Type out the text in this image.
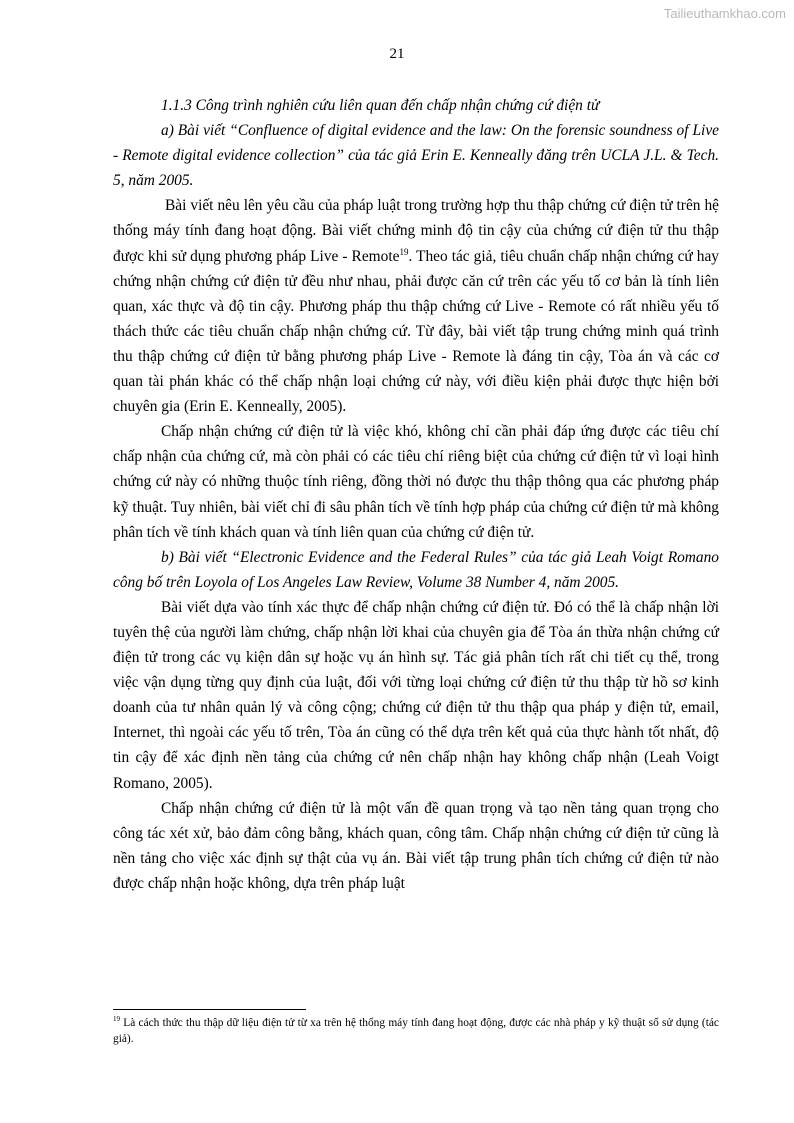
Tailieuthamkhao.com
21

1.1.3 Công trình nghiên cứu liên quan đến chấp nhận chứng cứ điện tử

a) Bài viết “Confluence of digital evidence and the law: On the forensic soundness of Live - Remote digital evidence collection” của tác giả Erin E. Kenneally đăng trên UCLA J.L. & Tech. 5, năm 2005.

Bài viết nêu lên yêu cầu của pháp luật trong trường hợp thu thập chứng cứ điện tử trên hệ thống máy tính đang hoạt động. Bài viết chứng minh độ tin cậy của chứng cứ điện tử thu thập được khi sử dụng phương pháp Live - Remote$^{19}$. Theo tác giả, tiêu chuẩn chấp nhận chứng cứ hay chứng nhận chứng cứ điện tử đều như nhau, phải được căn cứ trên các yếu tố cơ bản là tính liên quan, xác thực và độ tin cậy. Phương pháp thu thập chứng cứ Live - Remote có rất nhiều yếu tố thách thức các tiêu chuẩn chấp nhận chứng cứ. Từ đây, bài viết tập trung chứng minh quá trình thu thập chứng cứ điện tử bằng phương pháp Live - Remote là đáng tin cậy, Tòa án và các cơ quan tài phán khác có thể chấp nhận loại chứng cứ này, với điều kiện phải được thực hiện bởi chuyên gia (Erin E. Kenneally, 2005).

Chấp nhận chứng cứ điện tử là việc khó, không chỉ cần phải đáp ứng được các tiêu chí chấp nhận của chứng cứ, mà còn phải có các tiêu chí riêng biệt của chứng cứ điện tử vì loại hình chứng cứ này có những thuộc tính riêng, đồng thời nó được thu thập thông qua các phương pháp kỹ thuật. Tuy nhiên, bài viết chỉ đi sâu phân tích về tính hợp pháp của chứng cứ điện tử mà không phân tích về tính khách quan và tính liên quan của chứng cứ điện tử.

b) Bài viết “Electronic Evidence and the Federal Rules” của tác giả Leah Voigt Romano công bố trên Loyola of Los Angeles Law Review, Volume 38 Number 4, năm 2005.

Bài viết dựa vào tính xác thực để chấp nhận chứng cứ điện tử. Đó có thể là chấp nhận lời tuyên thệ của người làm chứng, chấp nhận lời khai của chuyên gia để Tòa án thừa nhận chứng cứ điện tử trong các vụ kiện dân sự hoặc vụ án hình sự. Tác giả phân tích rất chi tiết cụ thể, trong việc vận dụng từng quy định của luật, đối với từng loại chứng cứ điện tử thu thập từ hồ sơ kinh doanh của tư nhân quản lý và công cộng; chứng cứ điện tử thu thập qua pháp y điện tử, email, Internet, thì ngoài các yếu tố trên, Tòa án cũng có thể dựa trên kết quả của thực hành tốt nhất, độ tin cậy để xác định nền tảng của chứng cứ nên chấp nhận hay không chấp nhận (Leah Voigt Romano, 2005).

Chấp nhận chứng cứ điện tử là một vấn đề quan trọng và tạo nền tảng quan trọng cho công tác xét xử, bảo đảm công bằng, khách quan, công tâm. Chấp nhận chứng cứ điện tử cũng là nền tảng cho việc xác định sự thật của vụ án. Bài viết tập trung phân tích chứng cứ điện tử nào được chấp nhận hoặc không, dựa trên pháp luật

$^{19}$ Là cách thức thu thập dữ liệu điện tử từ xa trên hệ thống máy tính đang hoạt động, được các nhà pháp y kỹ thuật số sử dụng (tác giả).
